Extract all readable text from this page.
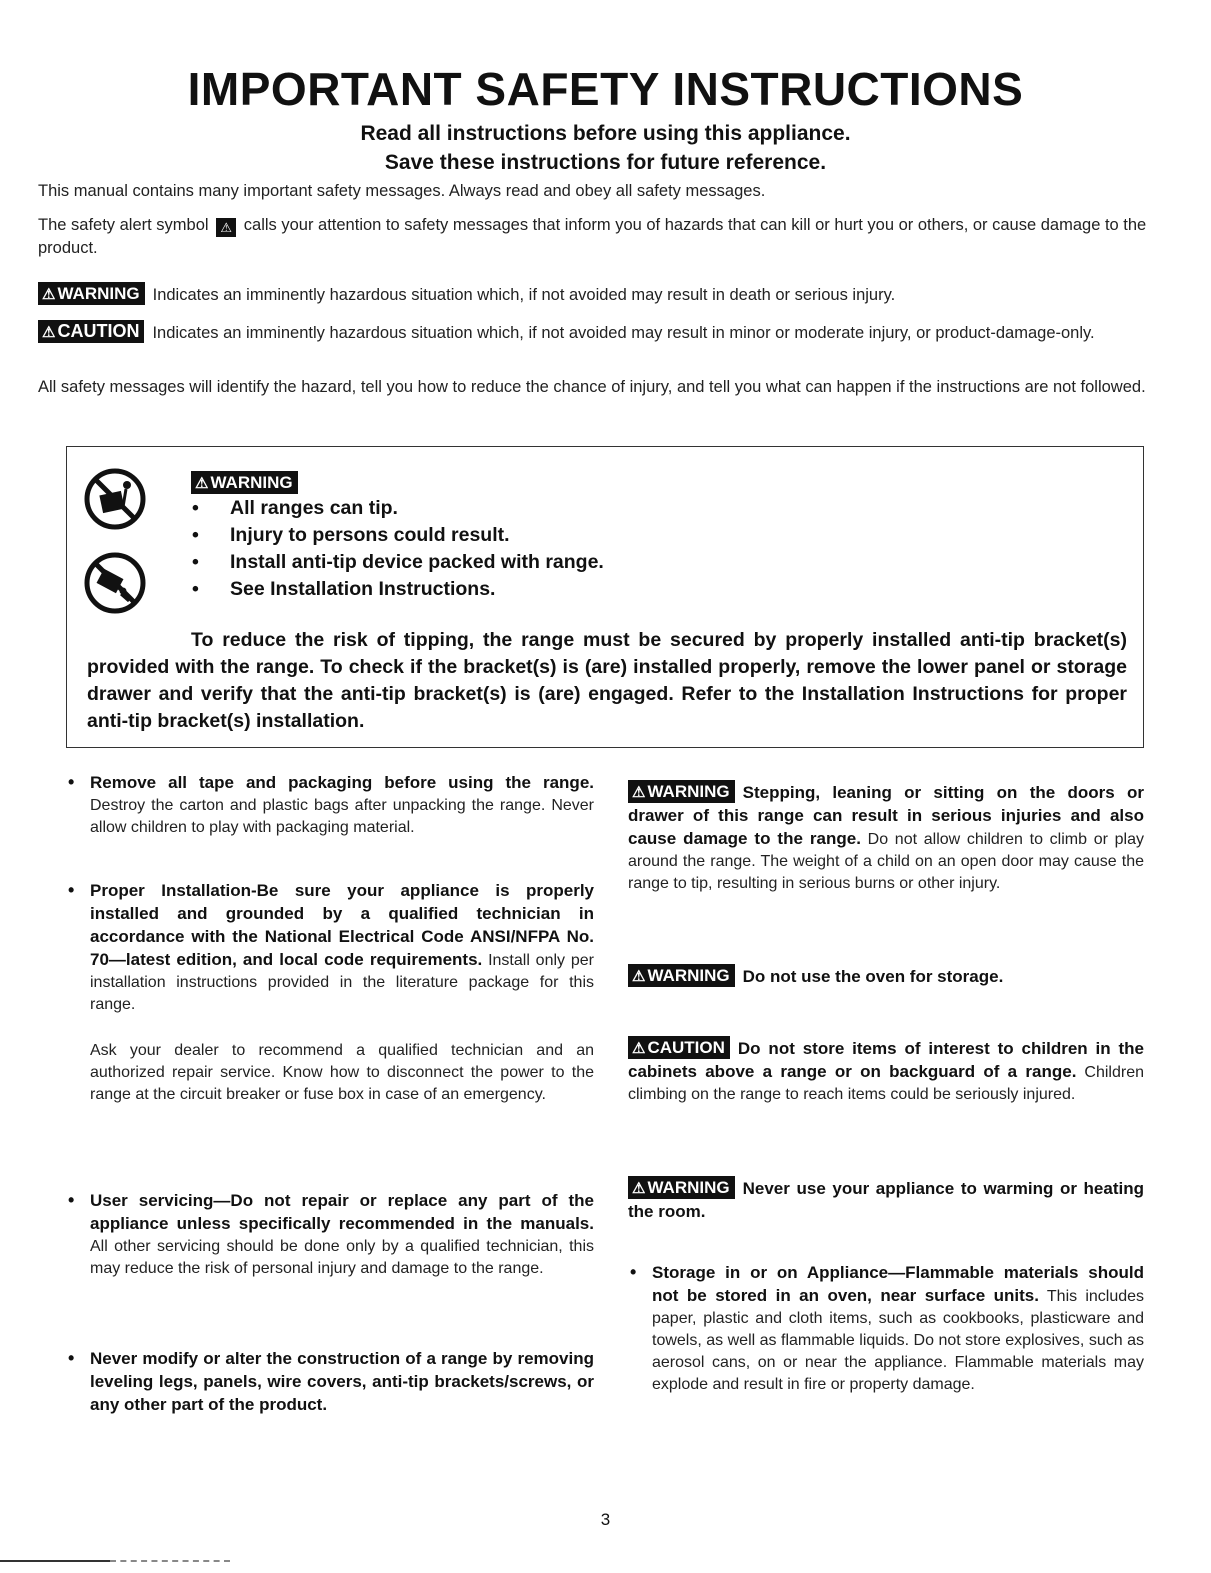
IMPORTANT SAFETY INSTRUCTIONS
Read all instructions before using this appliance.
Save these instructions for future reference.
This manual contains many important safety messages. Always read and obey all safety messages.
The safety alert symbol ⚠ calls your attention to safety messages that inform you of hazards that can kill or hurt you or others, or cause damage to the product.
⚠ WARNING Indicates an imminently hazardous situation which, if not avoided may result in death or serious injury.
⚠ CAUTION Indicates an imminently hazardous situation which, if not avoided may result in minor or moderate injury, or product-damage-only.
All safety messages will identify the hazard, tell you how to reduce the chance of injury, and tell you what can happen if the instructions are not followed.
⚠ WARNING
• All ranges can tip.
• Injury to persons could result.
• Install anti-tip device packed with range.
• See Installation Instructions.
To reduce the risk of tipping, the range must be secured by properly installed anti-tip bracket(s) provided with the range. To check if the bracket(s) is (are) installed properly, remove the lower panel or storage drawer and verify that the anti-tip bracket(s) is (are) engaged. Refer to the Installation Instructions for proper anti-tip bracket(s) installation.
• Remove all tape and packaging before using the range. Destroy the carton and plastic bags after unpacking the range. Never allow children to play with packaging material.
• Proper Installation-Be sure your appliance is properly installed and grounded by a qualified technician in accordance with the National Electrical Code ANSI/NFPA No. 70—latest edition, and local code requirements. Install only per installation instructions provided in the literature package for this range.
Ask your dealer to recommend a qualified technician and an authorized repair service. Know how to disconnect the power to the range at the circuit breaker or fuse box in case of an emergency.
• User servicing—Do not repair or replace any part of the appliance unless specifically recommended in the manuals. All other servicing should be done only by a qualified technician, this may reduce the risk of personal injury and damage to the range.
• Never modify or alter the construction of a range by removing leveling legs, panels, wire covers, anti-tip brackets/screws, or any other part of the product.
⚠ WARNING Stepping, leaning or sitting on the doors or drawer of this range can result in serious injuries and also cause damage to the range. Do not allow children to climb or play around the range. The weight of a child on an open door may cause the range to tip, resulting in serious burns or other injury.
⚠ WARNING Do not use the oven for storage.
⚠ CAUTION Do not store items of interest to children in the cabinets above a range or on backguard of a range. Children climbing on the range to reach items could be seriously injured.
⚠ WARNING Never use your appliance to warming or heating the room.
• Storage in or on Appliance—Flammable materials should not be stored in an oven, near surface units. This includes paper, plastic and cloth items, such as cookbooks, plasticware and towels, as well as flammable liquids. Do not store explosives, such as aerosol cans, on or near the appliance. Flammable materials may explode and result in fire or property damage.
3
